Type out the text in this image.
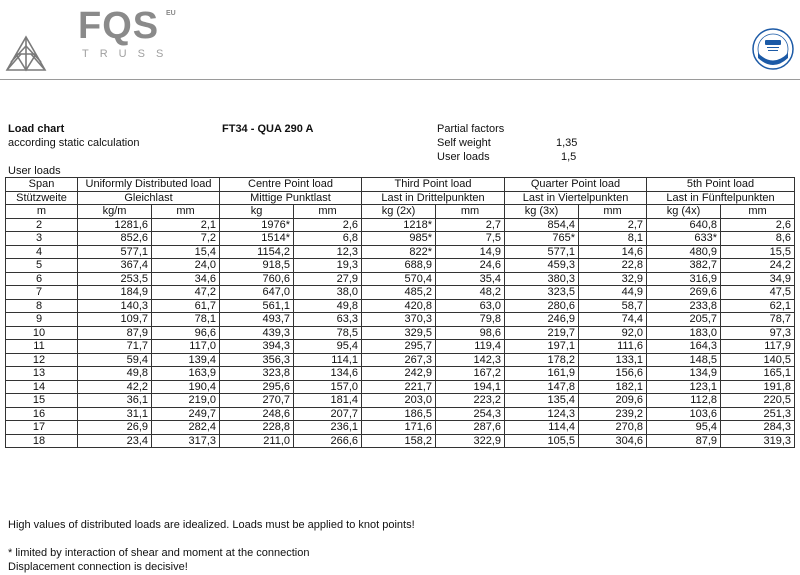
FQS EU
TRUSS
Load chart
according static calculation
FT34 - QUA 290 A	Partial factors
Self weight	1,35
User loads	1,5
User loads
Span	Uniformly Distributed load		Centre Point load		Third Point load		Quarter Point load		5th Point load	
Stützweite	Gleichlast		Mittige Punktlast		Last in Drittelpunkten		Last in Viertelpunkten		Last in Fünftelpunkten	
m	kg/m	mm	kg	mm	kg (2x)	mm	kg (3x)	mm	kg (4x)	mm
2	1281,6	2,1	1976*	2,6	1218*	2,7	854,4	2,7	640,8	2,6
3	852,6	7,2	1514*	6,8	985*	7,5	765*	8,1	633*	8,6
4	577,1	15,4	1154,2	12,3	822*	14,9	577,1	14,6	480,9	15,5
5	367,4	24,0	918,5	19,3	688,9	24,6	459,3	22,8	382,7	24,2
6	253,5	34,6	760,6	27,9	570,4	35,4	380,3	32,9	316,9	34,9
7	184,9	47,2	647,0	38,0	485,2	48,2	323,5	44,9	269,6	47,5
8	140,3	61,7	561,1	49,8	420,8	63,0	280,6	58,7	233,8	62,1
9	109,7	78,1	493,7	63,3	370,3	79,8	246,9	74,4	205,7	78,7
10	87,9	96,6	439,3	78,5	329,5	98,6	219,7	92,0	183,0	97,3
11	71,7	117,0	394,3	95,4	295,7	119,4	197,1	111,6	164,3	117,9
12	59,4	139,4	356,3	114,1	267,3	142,3	178,2	133,1	148,5	140,5
13	49,8	163,9	323,8	134,6	242,9	167,2	161,9	156,6	134,9	165,1
14	42,2	190,4	295,6	157,0	221,7	194,1	147,8	182,1	123,1	191,8
15	36,1	219,0	270,7	181,4	203,0	223,2	135,4	209,6	112,8	220,5
16	31,1	249,7	248,6	207,7	186,5	254,3	124,3	239,2	103,6	251,3
17	26,9	282,4	228,8	236,1	171,6	287,6	114,4	270,8	95,4	284,3
18	23,4	317,3	211,0	266,6	158,2	322,9	105,5	304,6	87,9	319,3
High values of distributed loads are idealized. Loads must be applied to knot points!
* limited by interaction of shear and moment at the connection
Displacement connection is decisive!
